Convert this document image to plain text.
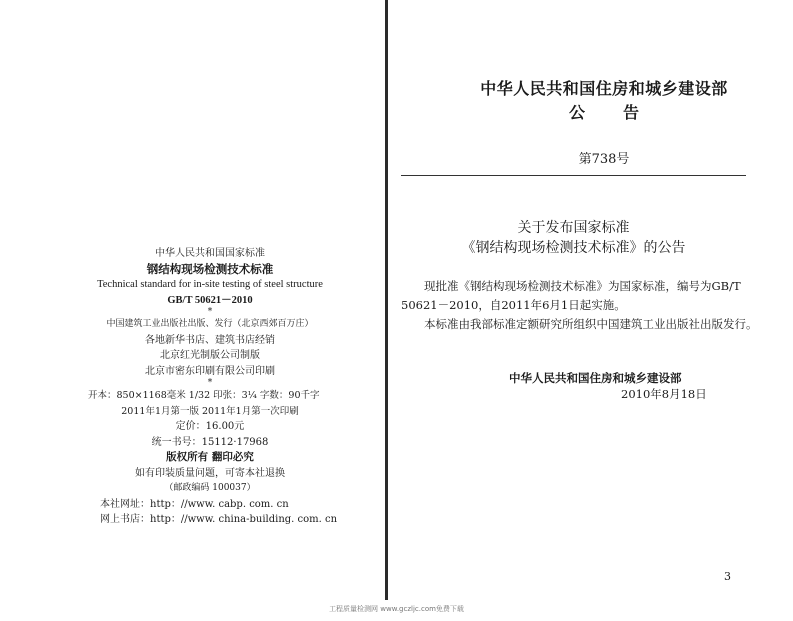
中华人民共和国国家标准
钢结构现场检测技术标准
Technical standard for in-site testing of steel structure
GB/T 50621－2010
*
中国建筑工业出版社出版、发行（北京西郊百万庄）
各地新华书店、建筑书店经销
北京红光制版公司制版
北京市密东印刷有限公司印刷
*
开本：850×1168毫米 1/32 印张：3¼ 字数：90千字
2011年1月第一版 2011年1月第一次印刷
定价：16.00元
统一书号：15112·17968
版权所有 翻印必究
如有印装质量问题，可寄本社退换
（邮政编码 100037）
本社网址：http：//www. cabp. com. cn
网上书店：http：//www. china-building. com. cn
中华人民共和国住房和城乡建设部
公告
第738号
关于发布国家标准
《钢结构现场检测技术标准》的公告

现批准《钢结构现场检测技术标准》为国家标准，编号为GB/T 50621－2010，自2011年6月1日起实施。

本标准由我部标准定额研究所组织中国建筑工业出版社出版发行。

中华人民共和国住房和城乡建设部
2010年8月18日
3
工程质量检测网 www.gczljc.com免费下载
